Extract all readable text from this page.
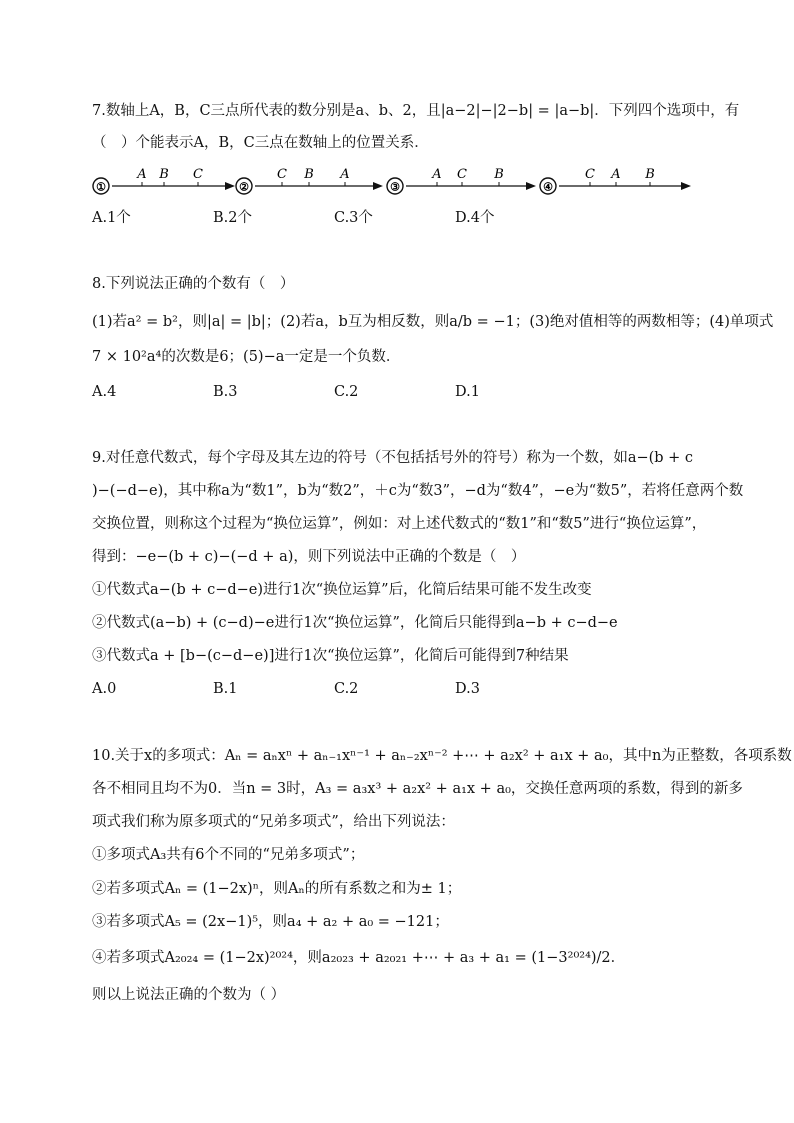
7.数轴上A，B，C三点所代表的数分别是a、b、2，且|a−2|−|2−b| = |a−b|．下列四个选项中，有
（　）个能表示A，B，C三点在数轴上的位置关系．
①
A B C
②
C B A
③
A C B
④
C A B
A.1个	B.2个	C.3个	D.4个
8.下列说法正确的个数有（　）
(1)若a² = b²，则|a| = |b|；(2)若a，b互为相反数，则a/b = −1；(3)绝对值相等的两数相等；(4)单项式
7 × 10²a⁴的次数是6；(5)−a一定是一个负数．
A.4	B.3	C.2	D.1
9.对任意代数式，每个字母及其左边的符号（不包括括号外的符号）称为一个数，如a−(b + c
)−(−d−e)，其中称a为“数1”，b为“数2”，＋c为“数3”，−d为“数4”，−e为“数5”，若将任意两个数
交换位置，则称这个过程为“换位运算”，例如：对上述代数式的“数1”和“数5”进行“换位运算”，
得到：−e−(b + c)−(−d + a)，则下列说法中正确的个数是（　）
①代数式a−(b + c−d−e)进行1次“换位运算”后，化简后结果可能不发生改变
②代数式(a−b) + (c−d)−e进行1次“换位运算”，化简后只能得到a−b + c−d−e
③代数式a + [b−(c−d−e)]进行1次“换位运算”，化简后可能得到7种结果
A.0	B.1	C.2	D.3
10.关于x的多项式：Aₙ = aₙxⁿ + aₙ₋₁xⁿ⁻¹ + aₙ₋₂xⁿ⁻² +⋯ + a₂x² + a₁x + a₀，其中n为正整数，各项系数
各不相同且均不为0．当n = 3时，A₃ = a₃x³ + a₂x² + a₁x + a₀，交换任意两项的系数，得到的新多
项式我们称为原多项式的“兄弟多项式”，给出下列说法：
①多项式A₃共有6个不同的“兄弟多项式”；
②若多项式Aₙ = (1−2x)ⁿ，则Aₙ的所有系数之和为± 1；
③若多项式A₅ = (2x−1)⁵，则a₄ + a₂ + a₀ = −121；
④若多项式A₂₀₂₄ = (1−2x)²⁰²⁴，则a₂₀₂₃ + a₂₀₂₁ +⋯ + a₃ + a₁ = (1−3²⁰²⁴)/2．
则以上说法正确的个数为（ ）
